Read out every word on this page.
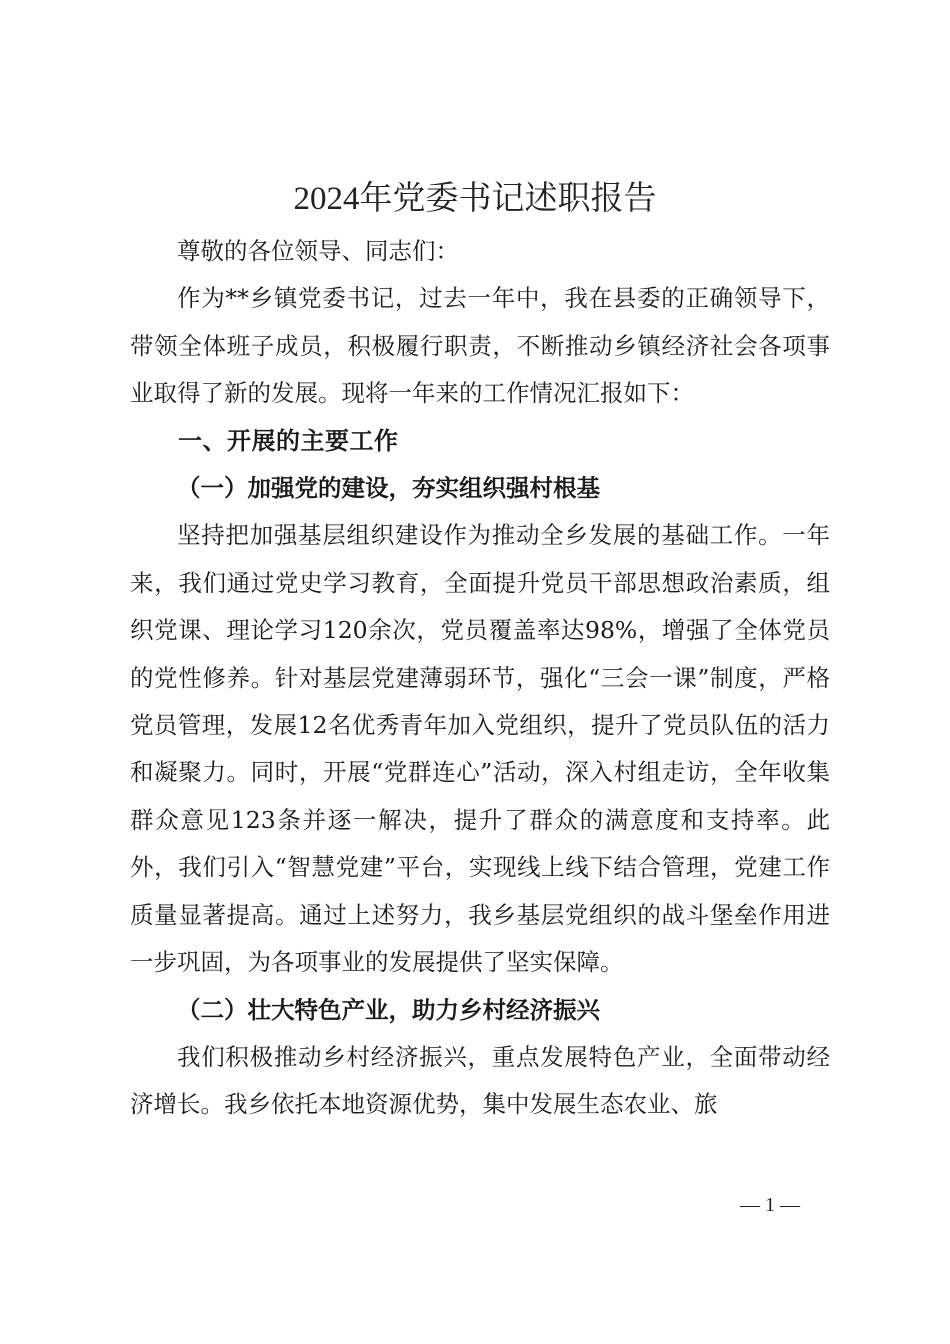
2024年党委书记述职报告

尊敬的各位领导、同志们：

作为**乡镇党委书记，过去一年中，我在县委的正确领导下，带领全体班子成员，积极履行职责，不断推动乡镇经济社会各项事业取得了新的发展。现将一年来的工作情况汇报如下：

一、开展的主要工作

（一）加强党的建设，夯实组织强村根基

坚持把加强基层组织建设作为推动全乡发展的基础工作。一年来，我们通过党史学习教育，全面提升党员干部思想政治素质，组织党课、理论学习120余次，党员覆盖率达98%，增强了全体党员的党性修养。针对基层党建薄弱环节，强化“三会一课”制度，严格党员管理，发展12名优秀青年加入党组织，提升了党员队伍的活力和凝聚力。同时，开展“党群连心”活动，深入村组走访，全年收集群众意见123条并逐一解决，提升了群众的满意度和支持率。此外，我们引入“智慧党建”平台，实现线上线下结合管理，党建工作质量显著提高。通过上述努力，我乡基层党组织的战斗堡垒作用进一步巩固，为各项事业的发展提供了坚实保障。

（二）壮大特色产业，助力乡村经济振兴

我们积极推动乡村经济振兴，重点发展特色产业，全面带动经济增长。我乡依托本地资源优势，集中发展生态农业、旅

— 1 —
